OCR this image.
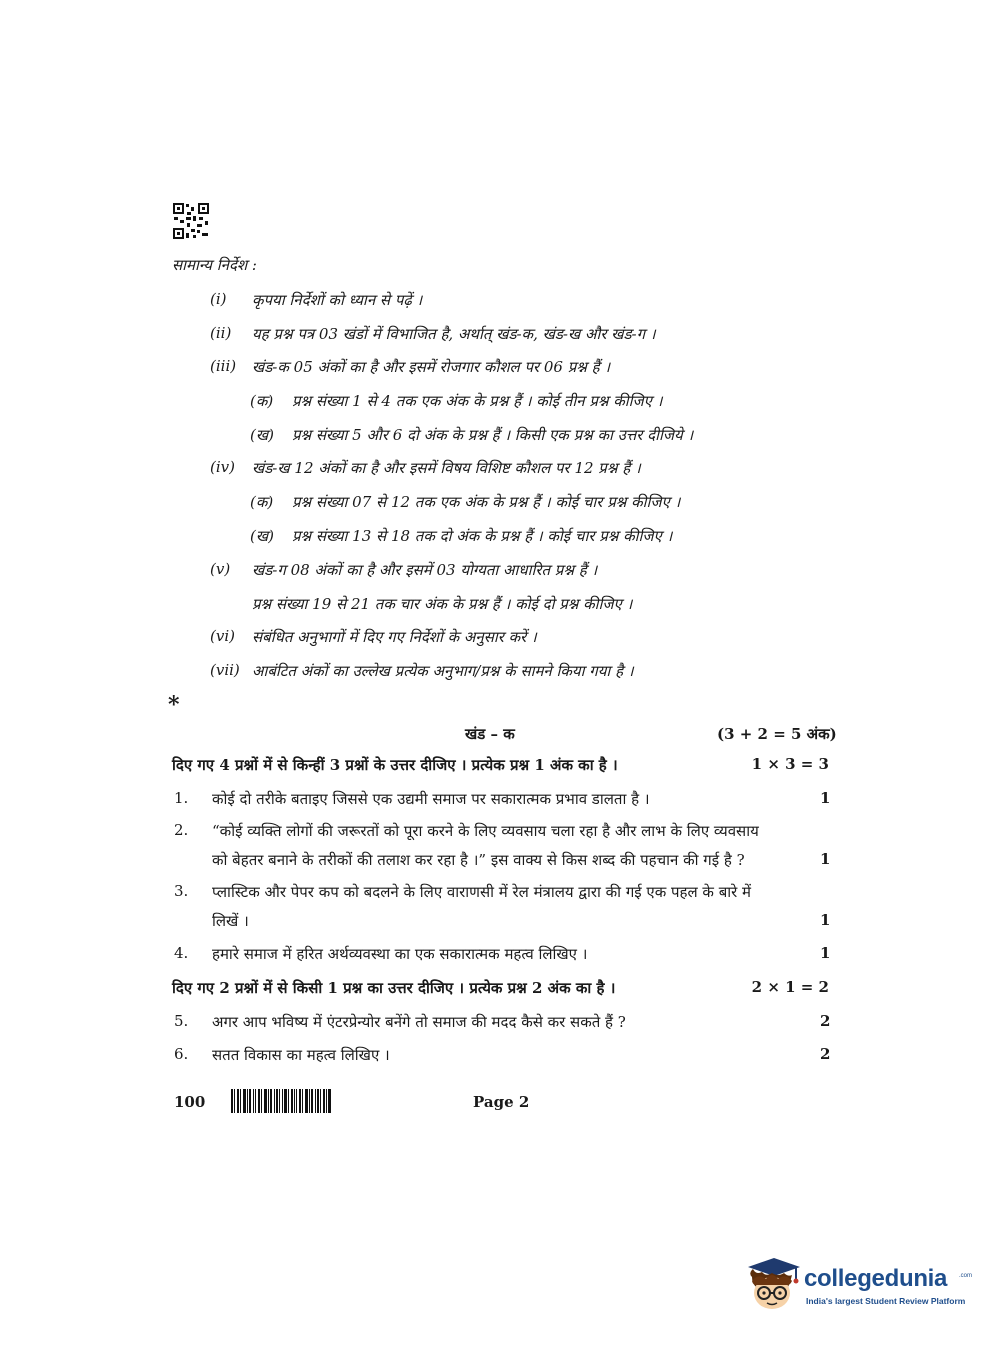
सामान्य निर्देश :
(i) कृपया निर्देशों को ध्यान से पढ़ें ।
(ii) यह प्रश्न पत्र 03 खंडों में विभाजित है, अर्थात् खंड-क, खंड-ख और खंड-ग ।
(iii) खंड-क 05 अंकों का है और इसमें रोजगार कौशल पर 06 प्रश्न हैं ।
(क) प्रश्न संख्या 1 से 4 तक एक अंक के प्रश्न हैं । कोई तीन प्रश्न कीजिए ।
(ख) प्रश्न संख्या 5 और 6 दो अंक के प्रश्न हैं । किसी एक प्रश्न का उत्तर दीजिये ।
(iv) खंड-ख 12 अंकों का है और इसमें विषय विशिष्ट कौशल पर 12 प्रश्न हैं ।
(क) प्रश्न संख्या 07 से 12 तक एक अंक के प्रश्न हैं । कोई चार प्रश्न कीजिए ।
(ख) प्रश्न संख्या 13 से 18 तक दो अंक के प्रश्न हैं । कोई चार प्रश्न कीजिए ।
(v) खंड-ग 08 अंकों का है और इसमें 03 योग्यता आधारित प्रश्न हैं ।
प्रश्न संख्या 19 से 21 तक चार अंक के प्रश्न हैं । कोई दो प्रश्न कीजिए ।
(vi) संबंधित अनुभागों में दिए गए निर्देशों के अनुसार करें ।
(vii) आबंटित अंकों का उल्लेख प्रत्येक अनुभाग/प्रश्न के सामने किया गया है ।
*
खंड – क	(3 + 2 = 5 अंक)
दिए गए 4 प्रश्नों में से किन्हीं 3 प्रश्नों के उत्तर दीजिए । प्रत्येक प्रश्न 1 अंक का है ।	1 × 3 = 3
1. कोई दो तरीके बताइए जिससे एक उद्यमी समाज पर सकारात्मक प्रभाव डालता है ।	1
2. “कोई व्यक्ति लोगों की जरूरतों को पूरा करने के लिए व्यवसाय चला रहा है और लाभ के लिए व्यवसाय
को बेहतर बनाने के तरीकों की तलाश कर रहा है ।” इस वाक्य से किस शब्द की पहचान की गई है ?	1
3. प्लास्टिक और पेपर कप को बदलने के लिए वाराणसी में रेल मंत्रालय द्वारा की गई एक पहल के बारे में
लिखें ।	1
4. हमारे समाज में हरित अर्थव्यवस्था का एक सकारात्मक महत्व लिखिए ।	1
दिए गए 2 प्रश्नों में से किसी 1 प्रश्न का उत्तर दीजिए । प्रत्येक प्रश्न 2 अंक का है ।	2 × 1 = 2
5. अगर आप भविष्य में एंटरप्रेन्योर बनेंगे तो समाज की मदद कैसे कर सकते हैं ?	2
6. सतत विकास का महत्व लिखिए ।	2
100	Page 2
collegedunia .com
India's largest Student Review Platform
